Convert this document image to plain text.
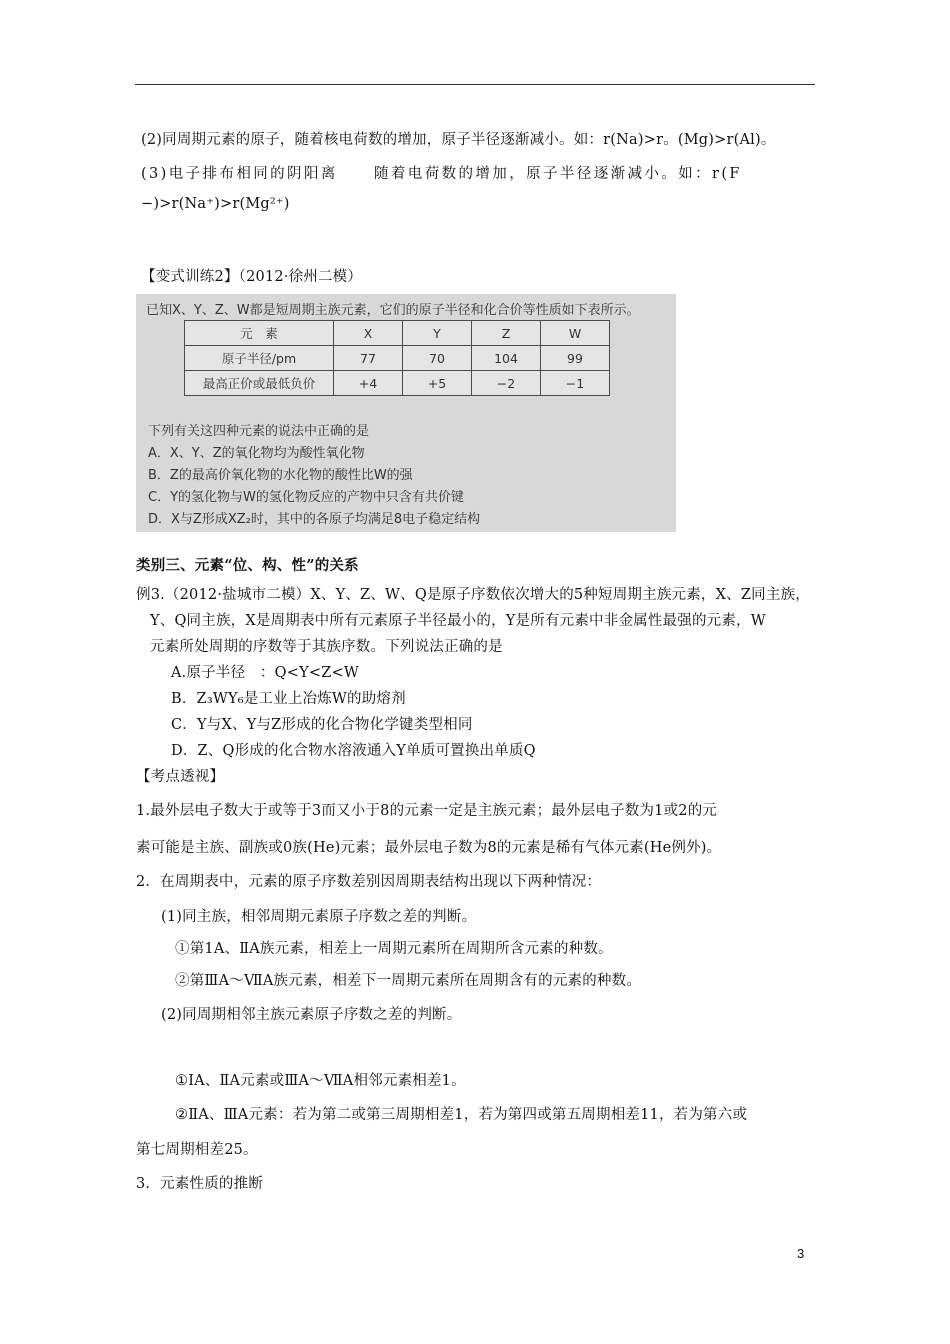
(2)同周期元素的原子，随着核电荷数的增加，原子半径逐渐减小。如：r(Na)>r。(Mg)>r(Al)。
(3)电子排布相同的阴阳离	随着电荷数的增加，原子半径逐渐减小。如：r(F
−)>r(Na⁺)>r(Mg²⁺)
【变式训练2】（2012·徐州二模）
已知X、Y、Z、W都是短周期主族元素，它们的原子半径和化合价等性质如下表所示。
元　素	X	Y	Z	W
原子半径/pm	77	70	104	99
最高正价或最低负价	+4	+5	−2	−1
下列有关这四种元素的说法中正确的是
A．X、Y、Z的氧化物均为酸性氧化物
B．Z的最高价氧化物的水化物的酸性比W的强
C．Y的氢化物与W的氢化物反应的产物中只含有共价键
D．X与Z形成XZ₂时，其中的各原子均满足8电子稳定结构
类别三、元素“位、构、性”的关系
例3.（2012·盐城市二模）X、Y、Z、W、Q是原子序数依次增大的5种短周期主族元素，X、Z同主族，
Y、Q同主族，X是周期表中所有元素原子半径最小的，Y是所有元素中非金属性最强的元素，W
元素所处周期的序数等于其族序数。下列说法正确的是
A.原子半径　：Q<Y<Z<W
B．Z₃WY₆是工业上冶炼W的助熔剂
C．Y与X、Y与Z形成的化合物化学键类型相同
D．Z、Q形成的化合物水溶液通入Y单质可置换出单质Q
【考点透视】
1.最外层电子数大于或等于3而又小于8的元素一定是主族元素；最外层电子数为1或2的元
素可能是主族、副族或0族(He)元素；最外层电子数为8的元素是稀有气体元素(He例外)。
2．在周期表中，元素的原子序数差别因周期表结构出现以下两种情况：
(1)同主族，相邻周期元素原子序数之差的判断。
①第1A、ⅡA族元素，相差上一周期元素所在周期所含元素的种数。
②第ⅢA～ⅦA族元素，相差下一周期元素所在周期含有的元素的种数。
(2)同周期相邻主族元素原子序数之差的判断。
①ⅠA、ⅡA元素或ⅢA～ⅦA相邻元素相差1。
②ⅡA、ⅢA元素：若为第二或第三周期相差1，若为第四或第五周期相差11，若为第六或
第七周期相差25。
3．元素性质的推断
3
